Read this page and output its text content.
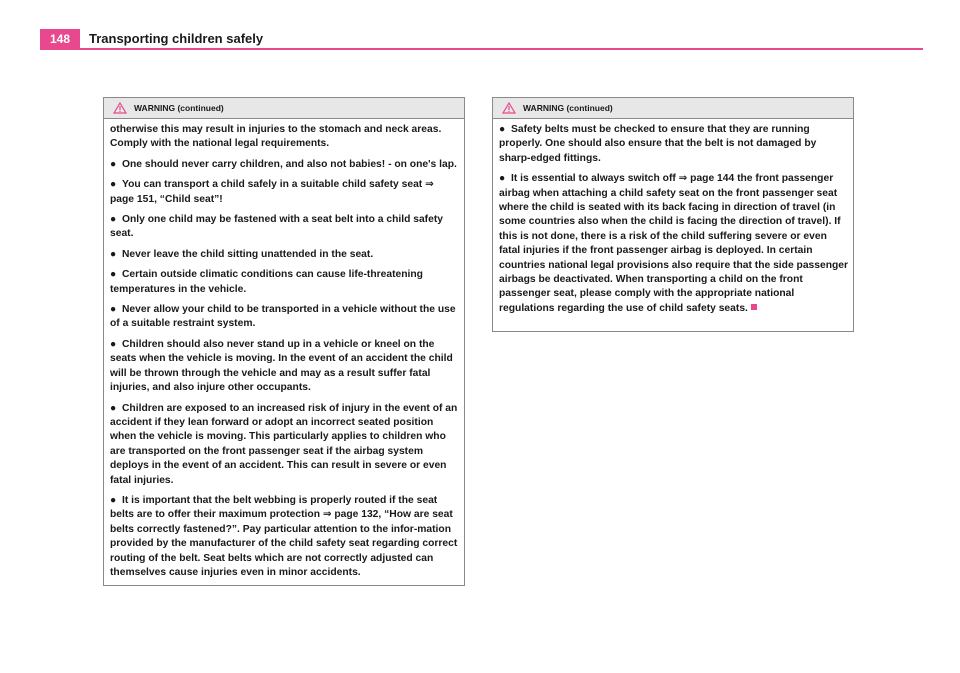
148	Transporting children safely
WARNING (continued)

otherwise this may result in injuries to the stomach and neck areas. Comply with the national legal requirements.

● One should never carry children, and also not babies! - on one's lap.

● You can transport a child safely in a suitable child safety seat ⇒ page 151, “Child seat”!

● Only one child may be fastened with a seat belt into a child safety seat.

● Never leave the child sitting unattended in the seat.

● Certain outside climatic conditions can cause life-threatening temperatures in the vehicle.

● Never allow your child to be transported in a vehicle without the use of a suitable restraint system.

● Children should also never stand up in a vehicle or kneel on the seats when the vehicle is moving. In the event of an accident the child will be thrown through the vehicle and may as a result suffer fatal injuries, and also injure other occupants.

● Children are exposed to an increased risk of injury in the event of an accident if they lean forward or adopt an incorrect seated position when the vehicle is moving. This particularly applies to children who are transported on the front passenger seat if the airbag system deploys in the event of an accident. This can result in severe or even fatal injuries.

● It is important that the belt webbing is properly routed if the seat belts are to offer their maximum protection ⇒ page 132, “How are seat belts correctly fastened?”. Pay particular attention to the infor-mation provided by the manufacturer of the child safety seat regarding correct routing of the belt. Seat belts which are not correctly adjusted can themselves cause injuries even in minor accidents.

WARNING (continued)

● Safety belts must be checked to ensure that they are running properly. One should also ensure that the belt is not damaged by sharp-edged fittings.

● It is essential to always switch off ⇒ page 144 the front passenger airbag when attaching a child safety seat on the front passenger seat where the child is seated with its back facing in direction of travel (in some countries also when the child is facing the direction of travel). If this is not done, there is a risk of the child suffering severe or even fatal injuries if the front passenger airbag is deployed. In certain countries national legal provisions also require that the side passenger airbags be deactivated. When transporting a child on the front passenger seat, please comply with the appropriate national regulations regarding the use of child safety seats.
